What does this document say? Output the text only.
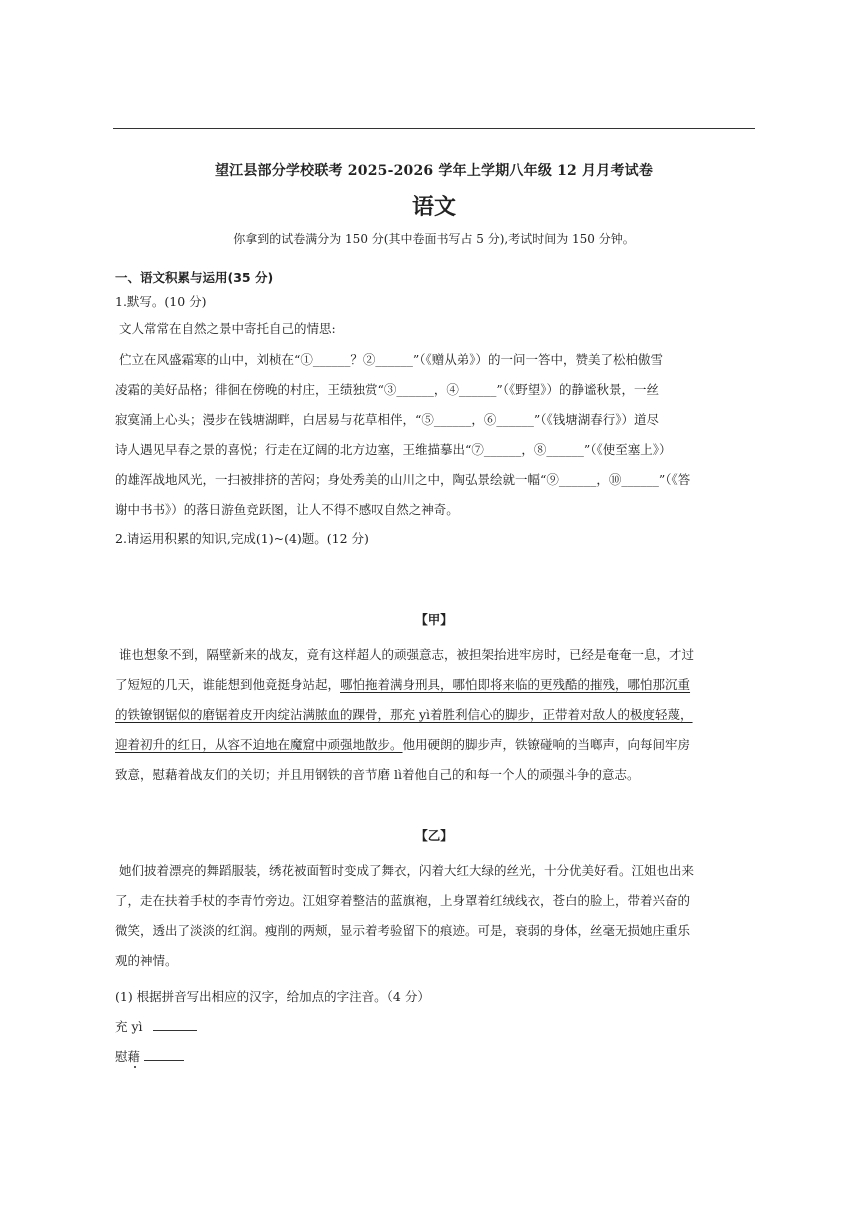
望江县部分学校联考 2025-2026 学年上学期八年级 12 月月考试卷
语文
你拿到的试卷满分为 150 分(其中卷面书写占 5 分),考试时间为 150 分钟。
一、语文积累与运用(35 分)
1.默写。(10 分)
文人常常在自然之景中寄托自己的情思:
伫立在风盛霜寒的山中，刘桢在“①______？②______”（《赠从弟》）的一问一答中，赞美了松柏傲雪
凌霜的美好品格；徘徊在傍晚的村庄，王绩独赏“③______，④______”（《野望》）的静谧秋景，一丝
寂寞涌上心头；漫步在钱塘湖畔，白居易与花草相伴，“⑤______，⑥______”（《钱塘湖春行》）道尽
诗人遇见早春之景的喜悦；行走在辽阔的北方边塞，王维描摹出“⑦______，⑧______”（《使至塞上》）
的雄浑战地风光，一扫被排挤的苦闷；身处秀美的山川之中，陶弘景绘就一幅“⑨______，⑩______”（《答
谢中书书》）的落日游鱼竞跃图，让人不得不感叹自然之神奇。
2.请运用积累的知识,完成(1)~(4)题。(12 分)
【甲】
谁也想象不到，隔壁新来的战友，竟有这样超人的顽强意志，被担架抬进牢房时，已经是奄奄一息，才过
了短短的几天，谁能想到他竟挺身站起，哪怕拖着满身刑具，哪怕即将来临的更残酷的摧残，哪怕那沉重
的铁镣钢锯似的磨锯着皮开肉绽沾满脓血的踝骨，那充 yì着胜利信心的脚步，正带着对敌人的极度轻蔑，
迎着初升的红日，从容不迫地在魔窟中顽强地散步。他用硬朗的脚步声，铁镣碰响的当啷声，向每间牢房
致意，慰藉着战友们的关切；并且用钢铁的音节磨 lì着他自己的和每一个人的顽强斗争的意志。
【乙】
她们披着漂亮的舞蹈服装，绣花被面暂时变成了舞衣，闪着大红大绿的丝光，十分优美好看。江姐也出来
了，走在扶着手杖的李青竹旁边。江姐穿着整洁的蓝旗袍，上身罩着红绒线衣，苍白的脸上，带着兴奋的
微笑，透出了淡淡的红润。瘦削的两颊，显示着考验留下的痕迹。可是，衰弱的身体，丝毫无损她庄重乐
观的神情。
(1) 根据拼音写出相应的汉字，给加点的字注音。（4 分）
充 yì
慰藉
